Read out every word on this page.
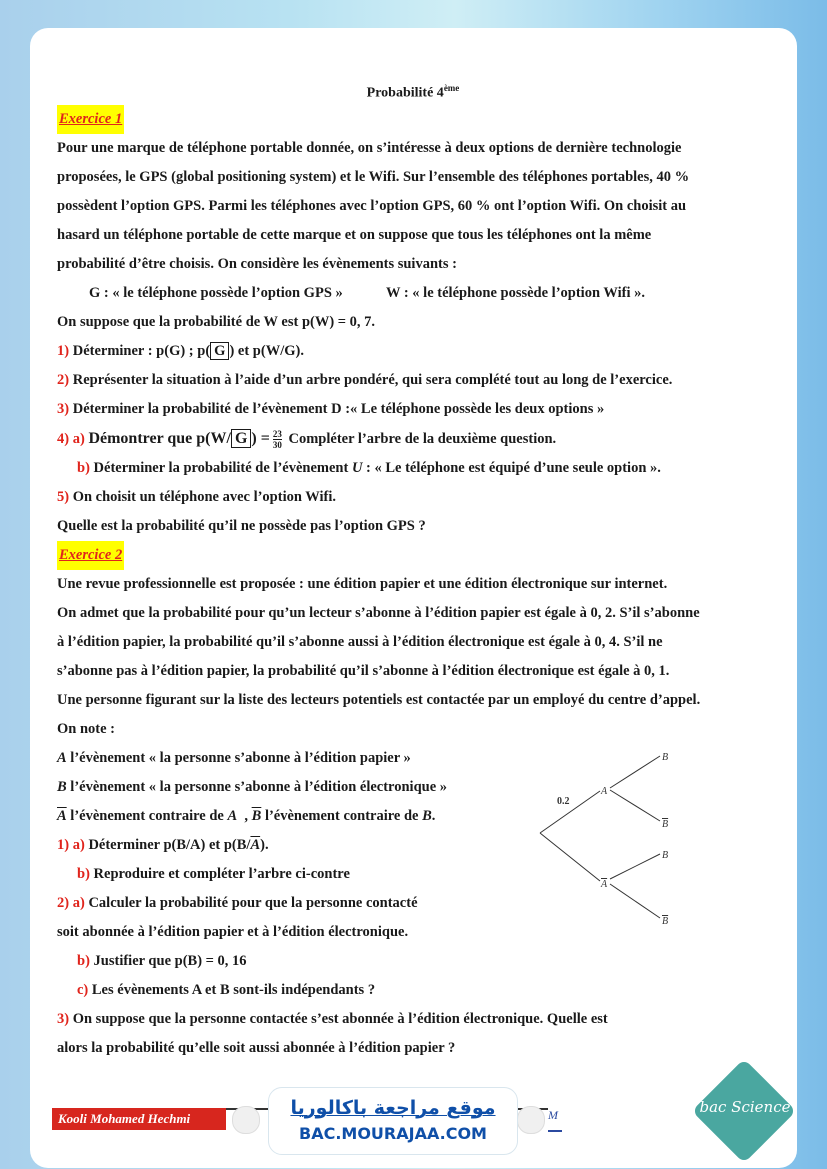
Probabilité 4ème

Exercice 1

Pour une marque de téléphone portable donnée, on s’intéresse à deux options de dernière technologie

proposées, le GPS (global positioning system) et le Wifi. Sur l’ensemble des téléphones portables, 40 %

possèdent l’option GPS. Parmi les téléphones avec l’option GPS, 60 % ont l’option Wifi. On choisit au

hasard un téléphone portable de cette marque et on suppose que tous les téléphones ont la même

probabilité d’être choisis. On considère les évènements suivants :

G : « le téléphone possède l’option GPS »            W : « le téléphone possède l’option Wifi ».

On suppose que la probabilité de W est p(W) = 0, 7.

1) Déterminer : p(G) ; p( $\overline{G}$ ) et p(W/G).

2) Représenter la situation à l’aide d’un arbre pondéré, qui sera complété tout au long de l’exercice.

3) Déterminer la probabilité de l’évènement D :« Le téléphone possède les deux options »

4) a) Démontrer que p(W/ $\overline{G}$ ) = $\frac{23}{30}$ Compléter l’arbre de la deuxième question.

b) Déterminer la probabilité de l’évènement U : « Le téléphone est équipé d’une seule option ».

5) On choisit un téléphone avec l’option Wifi.

Quelle est la probabilité qu’il ne possède pas l’option GPS ?

Exercice 2

Une revue professionnelle est proposée : une édition papier et une édition électronique sur internet.

On admet que la probabilité pour qu’un lecteur s’abonne à l’édition papier est égale à 0, 2. S’il s’abonne

à l’édition papier, la probabilité qu’il s’abonne aussi à l’édition électronique est égale à 0, 4. S’il ne

s’abonne pas à l’édition papier, la probabilité qu’il s’abonne à l’édition électronique est égale à 0, 1.

Une personne figurant sur la liste des lecteurs potentiels est contactée par un employé du centre d’appel.

On note :

A l’évènement « la personne s’abonne à l’édition papier »

B l’évènement « la personne s’abonne à l’édition électronique »

$\overline{A}$ l’évènement contraire de A  , $\overline{B}$ l’évènement contraire de B.

1) a) Déterminer p(B/A) et $p(B/\overline{A})$.

b) Reproduire et compléter l’arbre ci-contre

2) a) Calculer la probabilité pour que la personne contacté

soit abonnée à l’édition papier et à l’édition électronique.

b) Justifier que p(B) = 0, 16

c) Les évènements A et B sont-ils indépendants ?

3) On suppose que la personne contactée s’est abonnée à l’édition électronique. Quelle est

alors la probabilité qu’elle soit aussi abonnée à l’édition papier ?

0.2
A
A
B
B
B
B
Kooli Mohamed Hechmi	M
موقع مراجعة باكالوريا
BAC.MOURAJAA.COM
bac Science
